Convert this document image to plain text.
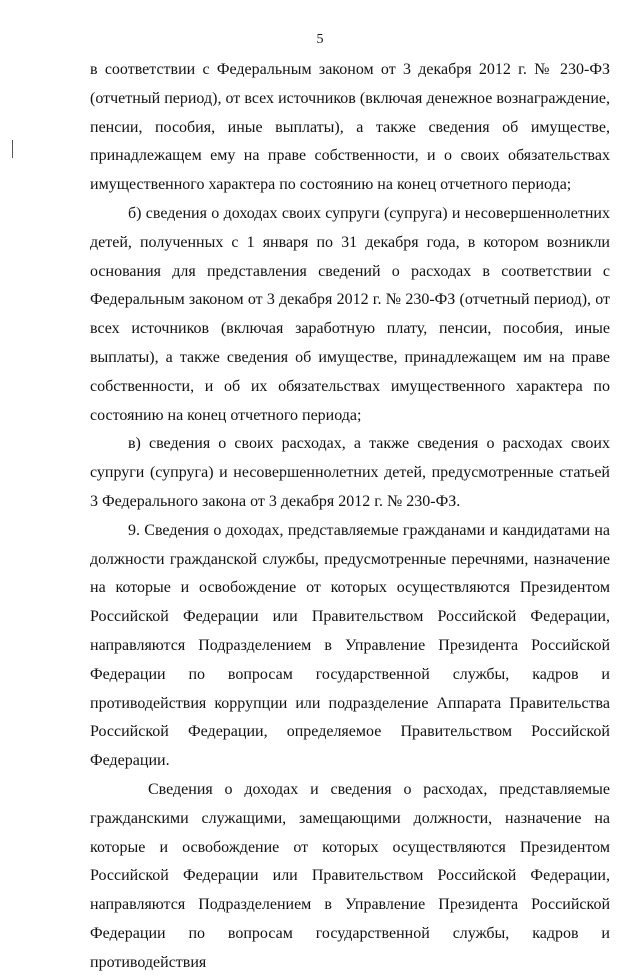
5

в соответствии с Федеральным законом от 3 декабря 2012 г. № 230-ФЗ (отчетный период), от всех источников (включая денежное вознаграждение, пенсии, пособия, иные выплаты), а также сведения об имуществе, принадлежащем ему на праве собственности, и о своих обязательствах имущественного характера по состоянию на конец отчетного периода;

б) сведения о доходах своих супруги (супруга) и несовершеннолетних детей, полученных с 1 января по 31 декабря года, в котором возникли основания для представления сведений о расходах в соответствии с Федеральным законом от 3 декабря 2012 г. № 230-ФЗ (отчетный период), от всех источников (включая заработную плату, пенсии, пособия, иные выплаты), а также сведения об имуществе, принадлежащем им на праве собственности, и об их обязательствах имущественного характера по состоянию на конец отчетного периода;

в) сведения о своих расходах, а также сведения о расходах своих супруги (супруга) и несовершеннолетних детей, предусмотренные статьей 3 Федерального закона от 3 декабря 2012 г. № 230-ФЗ.

9. Сведения о доходах, представляемые гражданами и кандидатами на должности гражданской службы, предусмотренные перечнями, назначение на которые и освобождение от которых осуществляются Президентом Российской Федерации или Правительством Российской Федерации, направляются Подразделением в Управление Президента Российской Федерации по вопросам государственной службы, кадров и противодействия коррупции или подразделение Аппарата Правительства Российской Федерации, определяемое Правительством Российской Федерации.

Сведения о доходах и сведения о расходах, представляемые гражданскими служащими, замещающими должности, назначение на которые и освобождение от которых осуществляются Президентом Российской Федерации или Правительством Российской Федерации, направляются Подразделением в Управление Президента Российской Федерации по вопросам государственной службы, кадров и противодействия
